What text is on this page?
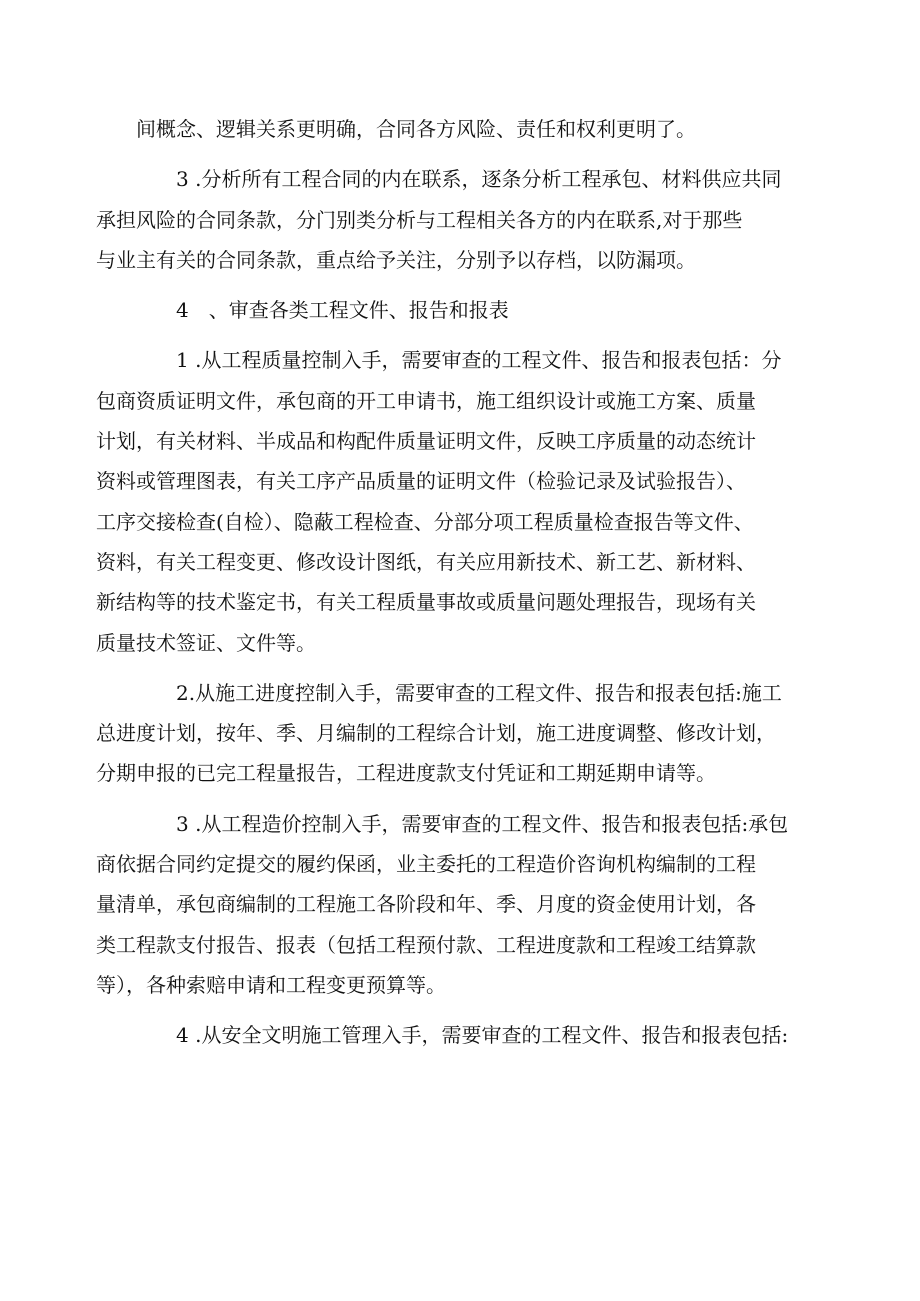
间概念、逻辑关系更明确，合同各方风险、责任和权利更明了。

3 .分析所有工程合同的内在联系，逐条分析工程承包、材料供应共同
承担风险的合同条款，分门别类分析与工程相关各方的内在联系,对于那些
与业主有关的合同条款，重点给予关注，分别予以存档，以防漏项。

4　、审查各类工程文件、报告和报表

1 .从工程质量控制入手，需要审查的工程文件、报告和报表包括：分
包商资质证明文件，承包商的开工申请书，施工组织设计或施工方案、质量
计划，有关材料、半成品和构配件质量证明文件，反映工序质量的动态统计
资料或管理图表，有关工序产品质量的证明文件（检验记录及试验报告）、
工序交接检查(自检）、隐蔽工程检查、分部分项工程质量检查报告等文件、
资料，有关工程变更、修改设计图纸，有关应用新技术、新工艺、新材料、
新结构等的技术鉴定书，有关工程质量事故或质量问题处理报告，现场有关
质量技术签证、文件等。

2.从施工进度控制入手，需要审查的工程文件、报告和报表包括:施工
总进度计划，按年、季、月编制的工程综合计划，施工进度调整、修改计划，
分期申报的已完工程量报告，工程进度款支付凭证和工期延期申请等。

3 .从工程造价控制入手，需要审查的工程文件、报告和报表包括:承包
商依据合同约定提交的履约保函，业主委托的工程造价咨询机构编制的工程
量清单，承包商编制的工程施工各阶段和年、季、月度的资金使用计划，各
类工程款支付报告、报表（包括工程预付款、工程进度款和工程竣工结算款
等），各种索赔申请和工程变更预算等。

4 .从安全文明施工管理入手，需要审查的工程文件、报告和报表包括:
